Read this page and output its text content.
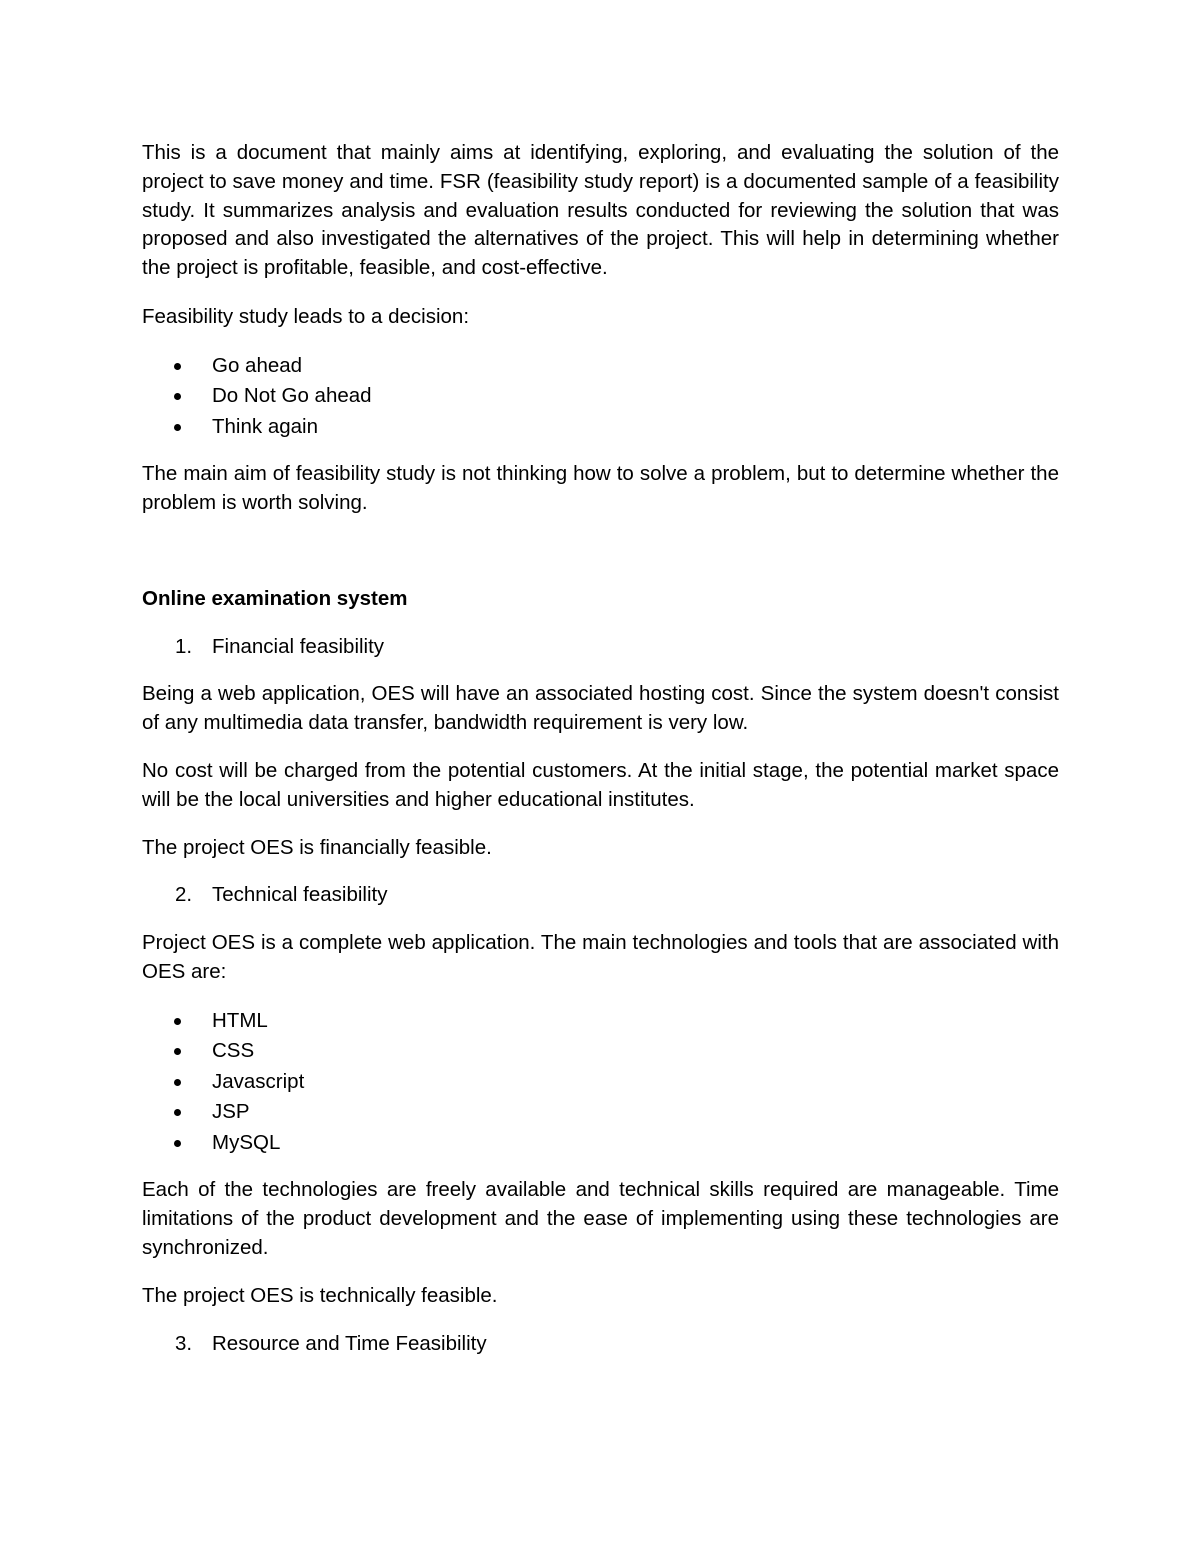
This is a document that mainly aims at identifying, exploring, and evaluating the solution of the project to save money and time. FSR (feasibility study report) is a documented sample of a feasibility study. It summarizes analysis and evaluation results conducted for reviewing the solution that was proposed and also investigated the alternatives of the project. This will help in determining whether the project is profitable, feasible, and cost-effective.

Feasibility study leads to a decision:

Go ahead
Do Not Go ahead
Think again

The main aim of feasibility study is not thinking how to solve a problem, but to determine whether the problem is worth solving.

Online examination system

1. Financial feasibility

Being a web application, OES will have an associated hosting cost. Since the system doesn't consist of any multimedia data transfer, bandwidth requirement is very low.

No cost will be charged from the potential customers. At the initial stage, the potential market space will be the local universities and higher educational institutes.

The project OES is financially feasible.

2. Technical feasibility

Project OES is a complete web application. The main technologies and tools that are associated with OES are:

HTML
CSS
Javascript
JSP
MySQL

Each of the technologies are freely available and technical skills required are manageable. Time limitations of the product development and the ease of implementing using these technologies are synchronized.

The project OES is technically feasible.

3. Resource and Time Feasibility
